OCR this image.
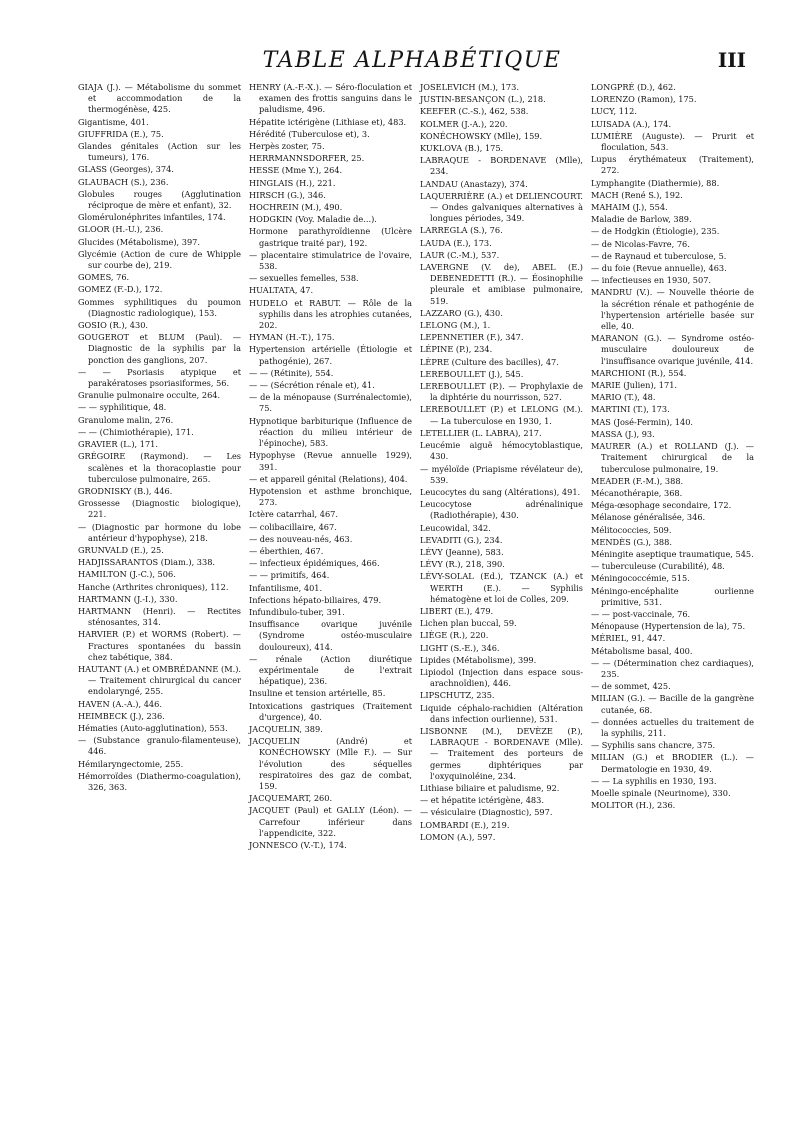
TABLE ALPHABÉTIQUE	III
GIAJA (J.). — Métabolisme du sommet et accommodation de la thermogénèse, 425.
Gigantisme, 401.
GIUFFRIDA (E.), 75.
Glandes génitales (Action sur les tumeurs), 176.
GLASS (Georges), 374.
GLAUBACH (S.), 236.
Globules rouges (Agglutination réciproque de mère et enfant), 32.
Glomérulonéphrites infantiles, 174.
GLOOR (H.-U.), 236.
Glucides (Métabolisme), 397.
Glycémie (Action de cure de Whipple sur courbe de), 219.
GOMES, 76.
GOMEZ (F.-D.), 172.
Gommes syphilitiques du poumon (Diagnostic radiologique), 153.
GOSIO (R.), 430.
GOUGEROT et BLUM (Paul). — Diagnostic de la syphilis par la ponction des ganglions, 207.
— — Psoriasis atypique et parakératoses psoriasiformes, 56.
Granulie pulmonaire occulte, 264.
— — syphilitique, 48.
Granulome malin, 276.
— — (Chimiothérapie), 171.
GRAVIER (L.), 171.
GRÉGOIRE (Raymond). — Les scalènes et la thoracoplastie pour tuberculose pulmonaire, 265.
GRODNISKY (B.), 446.
Grossesse (Diagnostic biologique), 221.
— (Diagnostic par hormone du lobe antérieur d'hypophyse), 218.
GRUNVALD (E.), 25.
HADJISSARANTOS (Diam.), 338.
HAMILTON (J.-C.), 506.
Hanche (Arthrites chroniques), 112.
HARTMANN (J.-I.), 330.
HARTMANN (Henri). — Rectites sténosantes, 314.
HARVIER (P.) et WORMS (Robert). — Fractures spontanées du bassin chez tabétique, 384.
HAUTANT (A.) et OMBRÉDANNE (M.). — Traitement chirurgical du cancer endolaryngé, 255.
HAVEN (A.-A.), 446.
HEIMBECK (J.), 236.
Hématies (Auto-agglutination), 553.
— (Substance granulo-filamenteuse), 446.
Hémilaryngectomie, 255.
Hémorroïdes (Diathermo-coagulation), 326, 363.
HENRY (A.-F.-X.). — Séro-floculation et examen des frottis sanguins dans le paludisme, 496.
Hépatite ictérigène (Lithiase et), 483.
Hérédité (Tuberculose et), 3.
Herpès zoster, 75.
HERRMANNSDORFER, 25.
HESSE (Mme Y.), 264.
HINGLAIS (H.), 221.
HIRSCH (G.), 346.
HOCHREIN (M.), 490.
HODGKIN (Voy. Maladie de...).
Hormone parathyroïdienne (Ulcère gastrique traité par), 192.
— placentaire stimulatrice de l'ovaire, 538.
— sexuelles femelles, 538.
HUALTATA, 47.
HUDELO et RABUT. — Rôle de la syphilis dans les atrophies cutanées, 202.
HYMAN (H.-T.), 175.
Hypertension artérielle (Étiologie et pathogénie), 267.
— — (Rétinite), 554.
— — (Sécrétion rénale et), 41.
— de la ménopause (Surrénalectomie), 75.
Hypnotique barbiturique (Influence de réaction du milieu intérieur de l'épinoche), 583.
Hypophyse (Revue annuelle 1929), 391.
— et appareil génital (Relations), 404.
Hypotension et asthme bronchique, 273.
Ictère catarrhal, 467.
— colibacillaire, 467.
— des nouveau-nés, 463.
— éberthien, 467.
— infectieux épidémiques, 466.
— — primitifs, 464.
Infantilisme, 401.
Infections hépato-biliaires, 479.
Infundibulo-tuber, 391.
Insuffisance ovarique juvénile (Syndrome ostéo-musculaire douloureux), 414.
— rénale (Action diurétique expérimentale de l'extrait hépatique), 236.
Insuline et tension artérielle, 85.
Intoxications gastriques (Traitement d'urgence), 40.
JACQUELIN, 389.
JACQUELIN (André) et KONÉCHOWSKY (Mlle F.). — Sur l'évolution des séquelles respiratoires des gaz de combat, 159.
JACQUEMART, 260.
JACQUET (Paul) et GALLY (Léon). — Carrefour inférieur dans l'appendicite, 322.
JONNESCO (V.-T.), 174.
JOSELEVICH (M.), 173.
JUSTIN-BESANÇON (L.), 218.
KEEFER (C.-S.), 462, 538.
KOLMER (J.-A.), 220.
KONÉCHOWSKY (Mlle), 159.
KUKLOVA (B.), 175.
LABRAQUE - BORDENAVE (Mlle), 234.
LANDAU (Anastazy), 374.
LAQUERRIÈRE (A.) et DELIENCOURT. — Ondes galvaniques alternatives à longues périodes, 349.
LARREGLA (S.), 76.
LAUDA (E.), 173.
LAUR (C.-M.), 537.
LAVERGNE (V. de), ABEL (E.) DEBENEDETTI (R.). — Éosinophilie pleurale et amibiase pulmonaire, 519.
LAZZARO (G.), 430.
LELONG (M.), 1.
LEPENNETIER (F.), 347.
LÉPINE (P.), 234.
LÈPRE (Culture des bacilles), 47.
LEREBOULLET (J.), 545.
LEREBOULLET (P.). — Prophylaxie de la diphtérie du nourrisson, 527.
LEREBOULLET (P.) et LELONG (M.). — La tuberculose en 1930, 1.
LETELLIER (L. LABRA), 217.
Leucémie aiguë hémocytoblastique, 430.
— myéloïde (Priapisme révélateur de), 539.
Leucocytes du sang (Altérations), 491.
Leucocytose adrénalinique (Radiothérapie), 430.
Leucowidal, 342.
LEVADITI (G.), 234.
LÉVY (Jeanne), 583.
LÉVY (R.), 218, 390.
LÉVY-SOLAL (Ed.), TZANCK (A.) et WERTH (E.). — Syphilis hématogène et loi de Colles, 209.
LIBERT (E.), 479.
Lichen plan buccal, 59.
LIÈGE (R.), 220.
LIGHT (S.-E.), 346.
Lipides (Métabolisme), 399.
Lipiodol (Injection dans espace sous-arachnoïdien), 446.
LIPSCHUTZ, 235.
Liquide céphalo-rachidien (Altération dans infection ourlienne), 531.
LISBONNE (M.), DEVÈZE (P.), LABRAQUE - BORDENAVE (Mlle). — Traitement des porteurs de germes diphtériques par l'oxyquinoléine, 234.
Lithiase biliaire et paludisme, 92.
— et hépatite ictérigène, 483.
— vésiculaire (Diagnostic), 597.
LOMBARDI (E.), 219.
LOMON (A.), 597.
LONGPRÉ (D.), 462.
LORENZO (Ramon), 175.
LUCY, 112.
LUISADA (A.), 174.
LUMIÈRE (Auguste). — Prurit et floculation, 543.
Lupus érythémateux (Traitement), 272.
Lymphangite (Diathermie), 88.
MACH (René S.), 192.
MAHAIM (J.), 554.
Maladie de Barlow, 389.
— de Hodgkin (Étiologie), 235.
— de Nicolas-Favre, 76.
— de Raynaud et tuberculose, 5.
— du foie (Revue annuelle), 463.
— infectieuses en 1930, 507.
MANDRU (V.). — Nouvelle théorie de la sécrétion rénale et pathogénie de l'hypertension artérielle basée sur elle, 40.
MARANON (G.). — Syndrome ostéo-musculaire douloureux de l'insuffisance ovarique juvénile, 414.
MARCHIONI (R.), 554.
MARIE (Julien), 171.
MARIO (T.), 48.
MARTINI (T.), 173.
MAS (José-Fermin), 140.
MASSA (J.), 93.
MAURER (A.) et ROLLAND (J.). — Traitement chirurgical de la tuberculose pulmonaire, 19.
MEADER (F.-M.), 388.
Mécanothérapie, 368.
Méga-œsophage secondaire, 172.
Mélanose généralisée, 346.
Mélitococcies, 509.
MENDÈS (G.), 388.
Méningite aseptique traumatique, 545.
— tuberculeuse (Curabilité), 48.
Méningococcémie, 515.
Méningo-encéphalite ourlienne primitive, 531.
— — post-vaccinale, 76.
Ménopause (Hypertension de la), 75.
MÉRIEL, 91, 447.
Métabolisme basal, 400.
— — (Détermination chez cardiaques), 235.
— de sommet, 425.
MILIAN (G.). — Bacille de la gangrène cutanée, 68.
— données actuelles du traitement de la syphilis, 211.
— Syphilis sans chancre, 375.
MILIAN (G.) et BRODIER (L.). — Dermatologie en 1930, 49.
— — La syphilis en 1930, 193.
Moelle spinale (Neurinome), 330.
MOLITOR (H.), 236.
